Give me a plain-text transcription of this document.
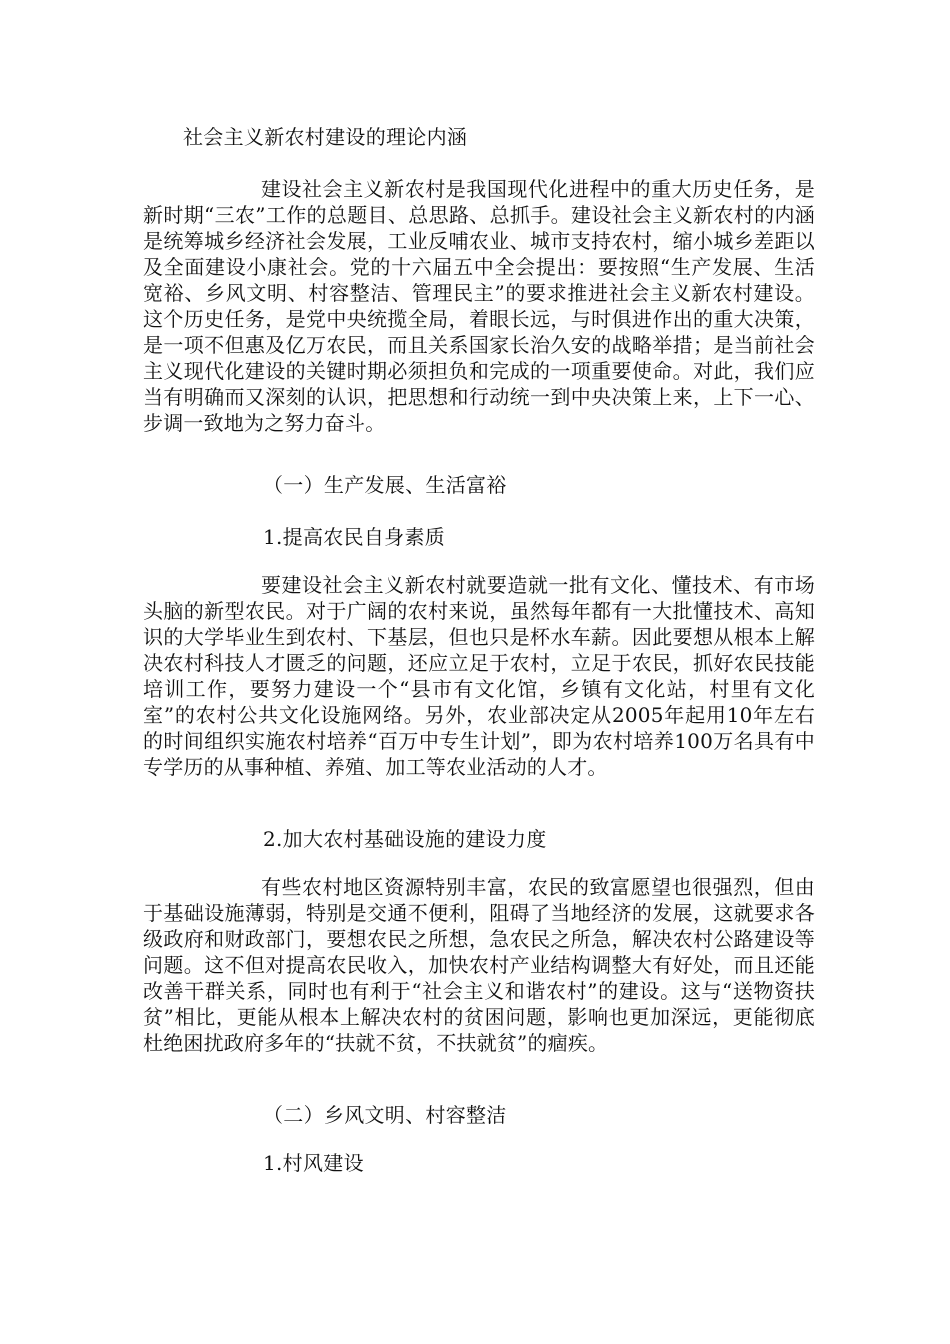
社会主义新农村建设的理论内涵
建设社会主义新农村是我国现代化进程中的重大历史任务，是新时期“三农”工作的总题目、总思路、总抓手。建设社会主义新农村的内涵是统筹城乡经济社会发展，工业反哺农业、城市支持农村，缩小城乡差距以及全面建设小康社会。党的十六届五中全会提出：要按照“生产发展、生活宽裕、乡风文明、村容整洁、管理民主”的要求推进社会主义新农村建设。这个历史任务，是党中央统揽全局，着眼长远，与时俱进作出的重大决策，是一项不但惠及亿万农民，而且关系国家长治久安的战略举措；是当前社会主义现代化建设的关键时期必须担负和完成的一项重要使命。对此，我们应当有明确而又深刻的认识，把思想和行动统一到中央决策上来，上下一心、步调一致地为之努力奋斗。
（一）生产发展、生活富裕
1.提高农民自身素质
要建设社会主义新农村就要造就一批有文化、懂技术、有市场头脑的新型农民。对于广阔的农村来说，虽然每年都有一大批懂技术、高知识的大学毕业生到农村、下基层，但也只是杯水车薪。因此要想从根本上解决农村科技人才匮乏的问题，还应立足于农村，立足于农民，抓好农民技能培训工作，要努力建设一个“县市有文化馆，乡镇有文化站，村里有文化室”的农村公共文化设施网络。另外，农业部决定从2005年起用10年左右的时间组织实施农村培养“百万中专生计划”，即为农村培养100万名具有中专学历的从事种植、养殖、加工等农业活动的人才。
2.加大农村基础设施的建设力度
有些农村地区资源特别丰富，农民的致富愿望也很强烈，但由于基础设施薄弱，特别是交通不便利，阻碍了当地经济的发展，这就要求各级政府和财政部门，要想农民之所想，急农民之所急，解决农村公路建设等问题。这不但对提高农民收入，加快农村产业结构调整大有好处，而且还能改善干群关系，同时也有利于“社会主义和谐农村”的建设。这与“送物资扶贫”相比，更能从根本上解决农村的贫困问题，影响也更加深远，更能彻底杜绝困扰政府多年的“扶就不贫，不扶就贫”的痼疾。
（二）乡风文明、村容整洁
1.村风建设
